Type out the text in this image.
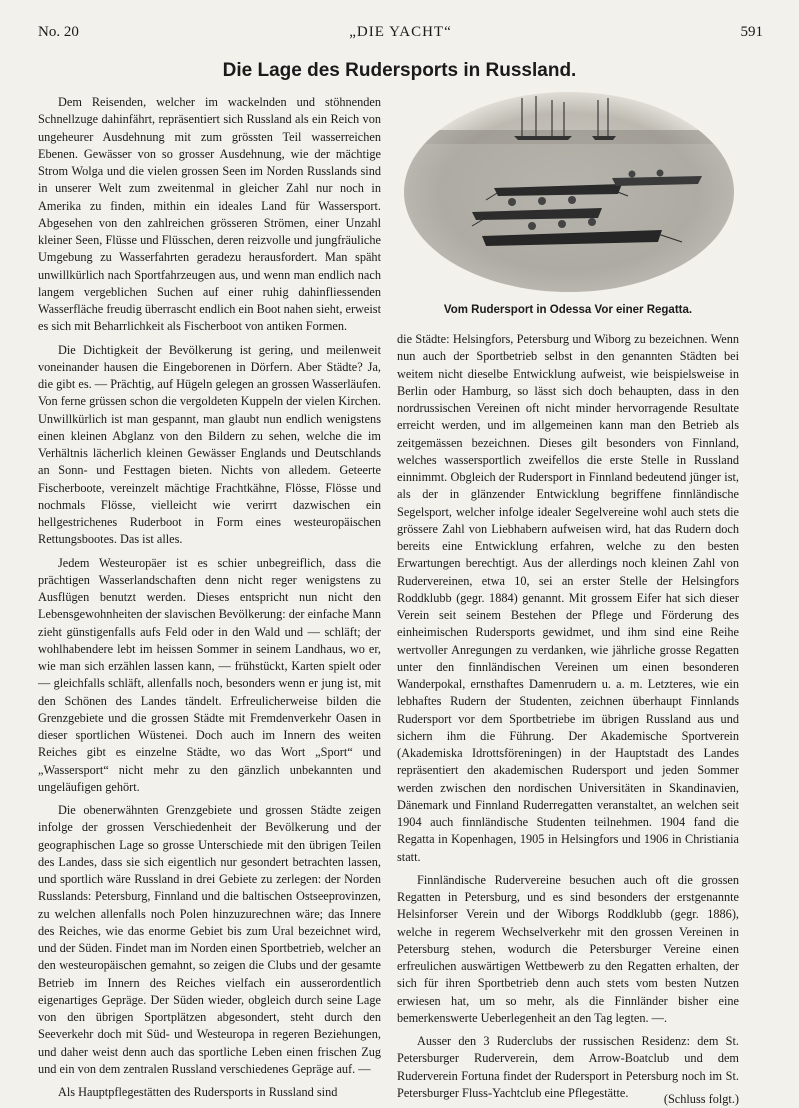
No. 20	„DIE YACHT“	591
Die Lage des Rudersports in Russland.

Dem Reisenden, welcher im wackelnden und stöhnenden Schnellzuge dahinfährt, repräsentiert sich Russland als ein Reich von ungeheurer Ausdehnung mit zum grössten Teil wasserreichen Ebenen. Gewässer von so grosser Ausdehnung, wie der mächtige Strom Wolga und die vielen grossen Seen im Norden Russlands sind in unserer Welt zum zweitenmal in gleicher Zahl nur noch in Amerika zu finden, mithin ein ideales Land für Wassersport. Abgesehen von den zahlreichen grösseren Strömen, einer Unzahl kleiner Seen, Flüsse und Flüsschen, deren reizvolle und jungfräuliche Umgebung zu Wasserfahrten geradezu herausfordert. Man späht unwillkürlich nach Sportfahrzeugen aus, und wenn man endlich nach langem vergeblichen Suchen auf einer ruhig dahinfliessenden Wasserfläche freudig überrascht endlich ein Boot nahen sieht, erweist es sich mit Beharrlichkeit als Fischerboot von antiken Formen.

Die Dichtigkeit der Bevölkerung ist gering, und meilenweit voneinander hausen die Eingeborenen in Dörfern. Aber Städte? Ja, die gibt es. — Prächtig, auf Hügeln gelegen an grossen Wasserläufen. Von ferne grüssen schon die vergoldeten Kuppeln der vielen Kirchen. Unwillkürlich ist man gespannt, man glaubt nun endlich wenigstens einen kleinen Abglanz von den Bildern zu sehen, welche die im Verhältnis lächerlich kleinen Gewässer Englands und Deutschlands an Sonn- und Festtagen bieten. Nichts von alledem. Geteerte Fischerboote, vereinzelt mächtige Frachtkähne, Flösse, Flösse und nochmals Flösse, vielleicht wie verirrt dazwischen ein hellgestrichenes Ruderboot in Form eines westeuropäischen Rettungsbootes. Das ist alles.

Jedem Westeuropäer ist es schier unbegreiflich, dass die prächtigen Wasserlandschaften denn nicht reger wenigstens zu Ausflügen benutzt werden. Dieses entspricht nun nicht den Lebensgewohnheiten der slavischen Bevölkerung: der einfache Mann zieht günstigenfalls aufs Feld oder in den Wald und — schläft; der wohlhabendere lebt im heissen Sommer in seinem Landhaus, wo er, wie man sich erzählen lassen kann, — frühstückt, Karten spielt oder — gleichfalls schläft, allenfalls noch, besonders wenn er jung ist, mit den Schönen des Landes tändelt. Erfreulicherweise bilden die Grenzgebiete und die grossen Städte mit Fremdenverkehr Oasen in dieser sportlichen Wüstenei. Doch auch im Innern des weiten Reiches gibt es einzelne Städte, wo das Wort „Sport“ und „Wassersport“ nicht mehr zu den gänzlich unbekannten und ungeläufigen gehört.

Die obenerwähnten Grenzgebiete und grossen Städte zeigen infolge der grossen Verschiedenheit der Bevölkerung und der geographischen Lage so grosse Unterschiede mit den übrigen Teilen des Landes, dass sie sich eigentlich nur gesondert betrachten lassen, und sportlich wäre Russland in drei Gebiete zu zerlegen: der Norden Russlands: Petersburg, Finnland und die baltischen Ostseeprovinzen, zu welchen allenfalls noch Polen hinzuzurechnen wäre; das Innere des Reiches, wie das enorme Gebiet bis zum Ural bezeichnet wird, und der Süden. Findet man im Norden einen Sportbetrieb, welcher an den westeuropäischen gemahnt, so zeigen die Clubs und der gesamte Betrieb im Innern des Reiches vielfach ein ausserordentlich eigenartiges Gepräge. Der Süden wieder, obgleich durch seine Lage von den übrigen Sportplätzen abgesondert, steht durch den Seeverkehr doch mit Süd- und Westeuropa in regeren Beziehungen, und daher weist denn auch das sportliche Leben einen frischen Zug und ein von dem zentralen Russland verschiedenes Gepräge auf. —

Als Hauptpflegestätten des Rudersports in Russland sind

Vom Rudersport in Odessa Vor einer Regatta.

die Städte: Helsingfors, Petersburg und Wiborg zu bezeichnen. Wenn nun auch der Sportbetrieb selbst in den genannten Städten bei weitem nicht dieselbe Entwicklung aufweist, wie beispielsweise in Berlin oder Hamburg, so lässt sich doch behaupten, dass in den nordrussischen Vereinen oft nicht minder hervorragende Resultate erreicht werden, und im allgemeinen kann man den Betrieb als zeitgemässen bezeichnen. Dieses gilt besonders von Finnland, welches wassersportlich zweifellos die erste Stelle in Russland einnimmt. Obgleich der Rudersport in Finnland bedeutend jünger ist, als der in glänzender Entwicklung begriffene finnländische Segelsport, welcher infolge idealer Segelvereine wohl auch stets die grössere Zahl von Liebhabern aufweisen wird, hat das Rudern doch bereits eine Entwicklung erfahren, welche zu den besten Erwartungen berechtigt. Aus der allerdings noch kleinen Zahl von Rudervereinen, etwa 10, sei an erster Stelle der Helsingfors Roddklubb (gegr. 1884) genannt. Mit grossem Eifer hat sich dieser Verein seit seinem Bestehen der Pflege und Förderung des einheimischen Rudersports gewidmet, und ihm sind eine Reihe wertvoller Anregungen zu verdanken, wie jährliche grosse Regatten unter den finnländischen Vereinen um einen besonderen Wanderpokal, ernsthaftes Damenrudern u. a. m. Letzteres, wie ein lebhaftes Rudern der Studenten, zeichnen überhaupt Finnlands Rudersport vor dem Sportbetriebe im übrigen Russland aus und sichern ihm die Führung. Der Akademische Sportverein (Akademiska Idrottsföreningen) in der Hauptstadt des Landes repräsentiert den akademischen Rudersport und jeden Sommer werden zwischen den nordischen Universitäten in Skandinavien, Dänemark und Finnland Ruderregatten veranstaltet, an welchen seit 1904 auch finnländische Studenten teilnehmen. 1904 fand die Regatta in Kopenhagen, 1905 in Helsingfors und 1906 in Christiania statt.

Finnländische Rudervereine besuchen auch oft die grossen Regatten in Petersburg, und es sind besonders der erstgenannte Helsinforser Verein und der Wiborgs Roddklubb (gegr. 1886), welche in regerem Wechselverkehr mit den grossen Vereinen in Petersburg stehen, wodurch die Petersburger Vereine einen erfreulichen auswärtigen Wettbewerb zu den Regatten erhalten, der sich für ihren Sportbetrieb denn auch stets vom besten Nutzen erwiesen hat, um so mehr, als die Finnländer bisher eine bemerkenswerte Ueberlegenheit an den Tag legten. —.

Ausser den 3 Ruderclubs der russischen Residenz: dem St. Petersburger Ruderverein, dem Arrow-Boatclub und dem Ruderverein Fortuna findet der Rudersport in Petersburg noch im St. Petersburger Fluss-Yachtclub eine Pflegestätte.	(Schluss folgt.)
